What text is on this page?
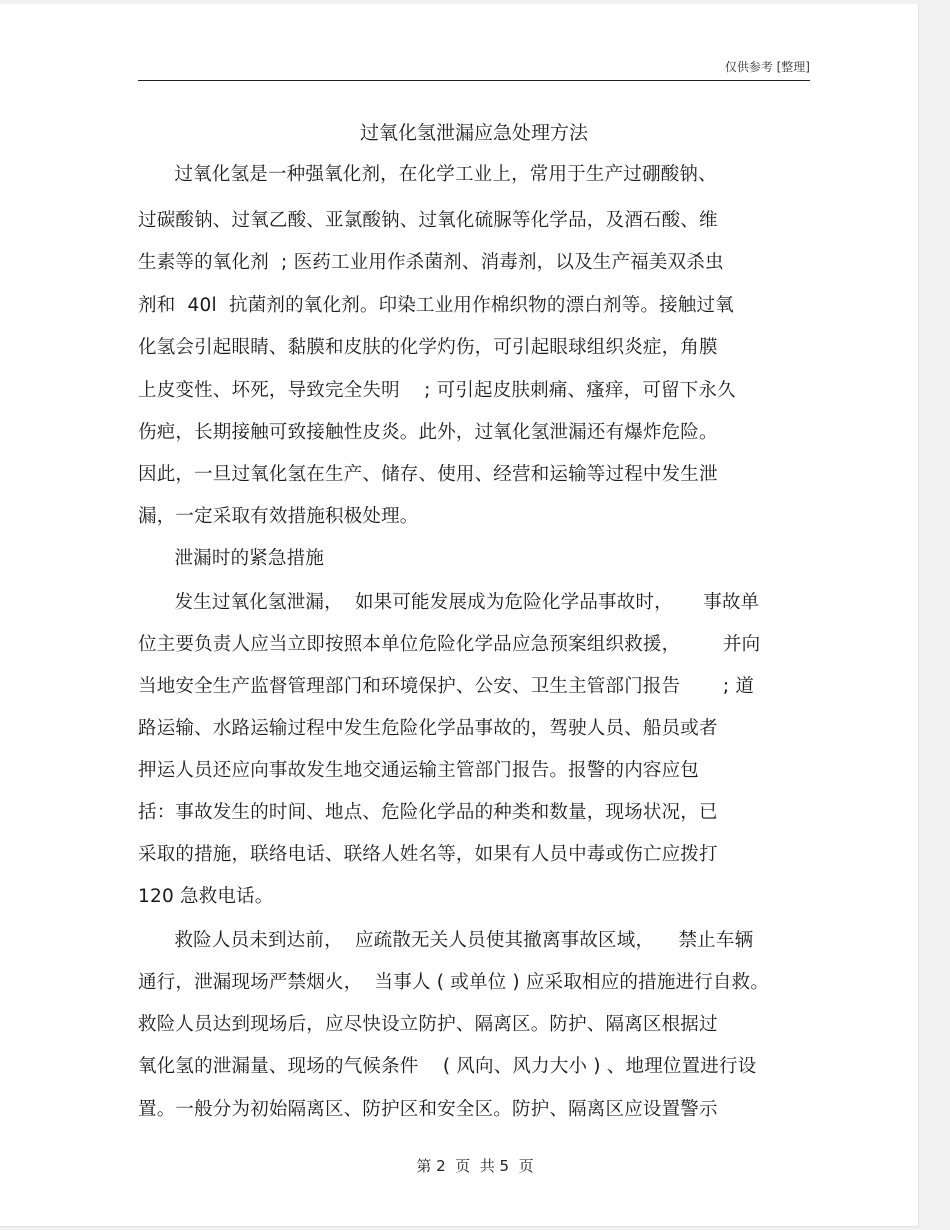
仅供参考 [整理]
过氧化氢泄漏应急处理方法
过氧化氢是一种强氧化剂，在化学工业上，常用于生产过硼酸钠、
过碳酸钠、过氧乙酸、亚氯酸钠、过氧化硫脲等化学品，及酒石酸、维
生素等的氧化剂  ; 医药工业用作杀菌剂、消毒剂，以及生产福美双杀虫
剂和  40l  抗菌剂的氧化剂。印染工业用作棉织物的漂白剂等。接触过氧
化氢会引起眼睛、黏膜和皮肤的化学灼伤，可引起眼球组织炎症，角膜
上皮变性、坏死，导致完全失明    ; 可引起皮肤刺痛、瘙痒，可留下永久
伤疤，长期接触可致接触性皮炎。此外，过氧化氢泄漏还有爆炸危险。
因此，一旦过氧化氢在生产、储存、使用、经营和运输等过程中发生泄
漏，一定采取有效措施积极处理。
泄漏时的紧急措施
发生过氧化氢泄漏，  如果可能发展成为危险化学品事故时，     事故单
位主要负责人应当立即按照本单位危险化学品应急预案组织救援，       并向
当地安全生产监督管理部门和环境保护、公安、卫生主管部门报告       ; 道
路运输、水路运输过程中发生危险化学品事故的，驾驶人员、船员或者
押运人员还应向事故发生地交通运输主管部门报告。报警的内容应包
括：事故发生的时间、地点、危险化学品的种类和数量，现场状况，已
采取的措施，联络电话、联络人姓名等，如果有人员中毒或伤亡应拨打
120 急救电话。
救险人员未到达前，  应疏散无关人员使其撤离事故区域，    禁止车辆
通行，泄漏现场严禁烟火，  当事人 ( 或单位 ) 应采取相应的措施进行自救。
救险人员达到现场后，应尽快设立防护、隔离区。防护、隔离区根据过
氧化氢的泄漏量、现场的气候条件    ( 风向、风力大小 ) 、地理位置进行设
置。一般分为初始隔离区、防护区和安全区。防护、隔离区应设置警示
第 2  页  共 5  页
